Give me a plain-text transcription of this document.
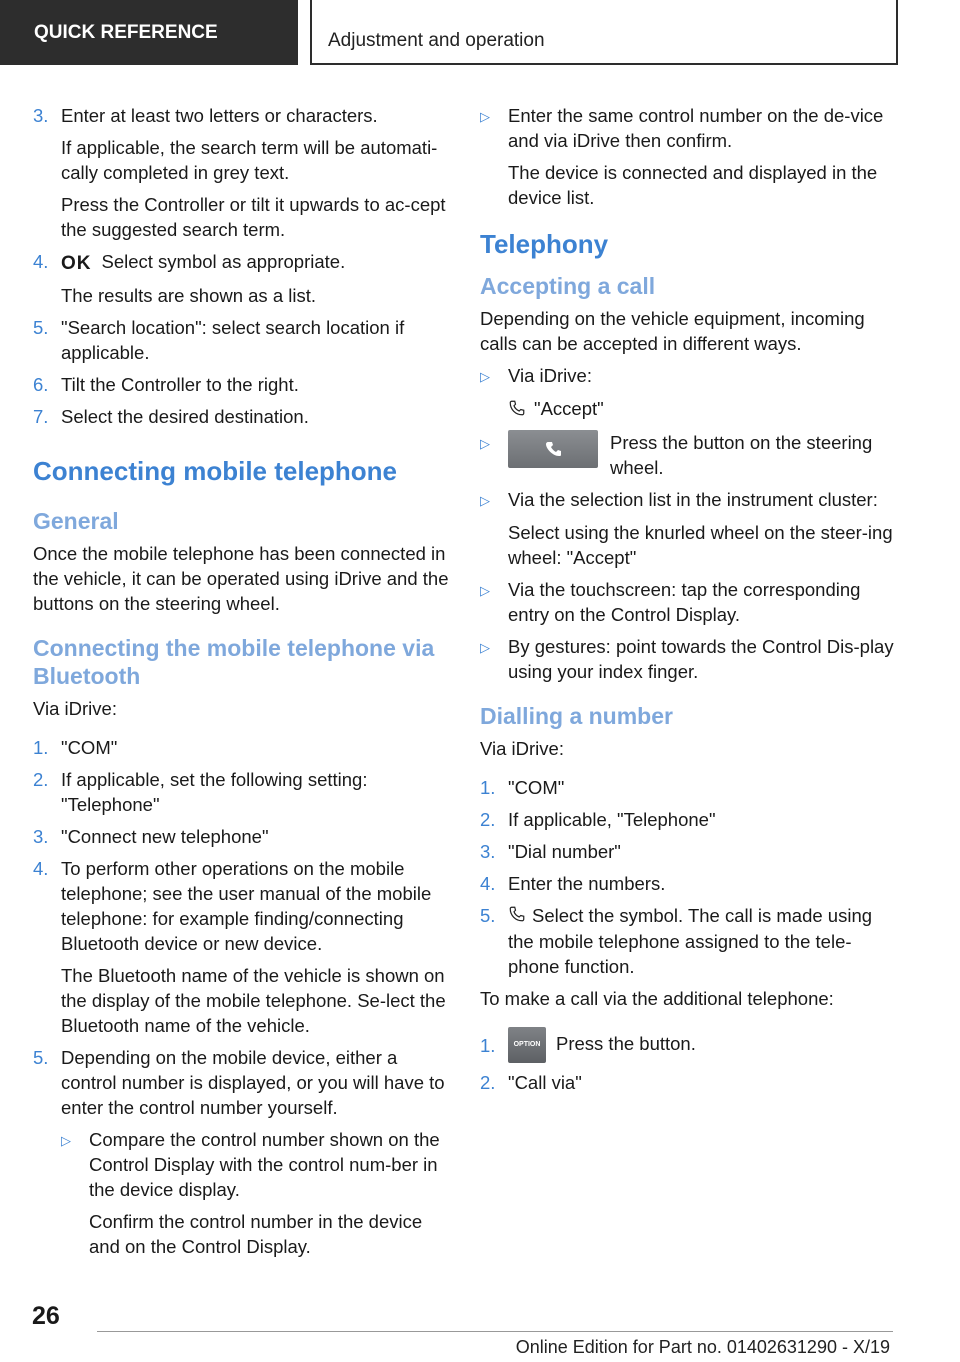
QUICK REFERENCE	Adjustment and operation
3. Enter at least two letters or characters.
If applicable, the search term will be automati-cally completed in grey text.
Press the Controller or tilt it upwards to ac-cept the suggested search term.
4. OK Select symbol as appropriate.
The results are shown as a list.
5. "Search location": select search location if applicable.
6. Tilt the Controller to the right.
7. Select the desired destination.
Connecting mobile telephone
General
Once the mobile telephone has been connected in the vehicle, it can be operated using iDrive and the buttons on the steering wheel.
Connecting the mobile telephone via Bluetooth
Via iDrive:
1. "COM"
2. If applicable, set the following setting: "Telephone"
3. "Connect new telephone"
4. To perform other operations on the mobile telephone; see the user manual of the mobile telephone: for example finding/connecting Bluetooth device or new device.
The Bluetooth name of the vehicle is shown on the display of the mobile telephone. Se-lect the Bluetooth name of the vehicle.
5. Depending on the mobile device, either a control number is displayed, or you will have to enter the control number yourself.
▷ Compare the control number shown on the Control Display with the control num-ber in the device display.
Confirm the control number in the device and on the Control Display.
▷ Enter the same control number on the de-vice and via iDrive then confirm.
The device is connected and displayed in the device list.
Telephony
Accepting a call
Depending on the vehicle equipment, incoming calls can be accepted in different ways.
▷ Via iDrive:
"Accept"
▷	Press the button on the steering wheel.
▷ Via the selection list in the instrument cluster:
Select using the knurled wheel on the steer-ing wheel: "Accept"
▷ Via the touchscreen: tap the corresponding entry on the Control Display.
▷ By gestures: point towards the Control Dis-play using your index finger.
Dialling a number
Via iDrive:
1. "COM"
2. If applicable, "Telephone"
3. "Dial number"
4. Enter the numbers.
5.	Select the symbol. The call is made using the mobile telephone assigned to the tele-phone function.
To make a call via the additional telephone:
1.	OPTION Press the button.
2. "Call via"
26
Online Edition for Part no. 01402631290 - X/19
